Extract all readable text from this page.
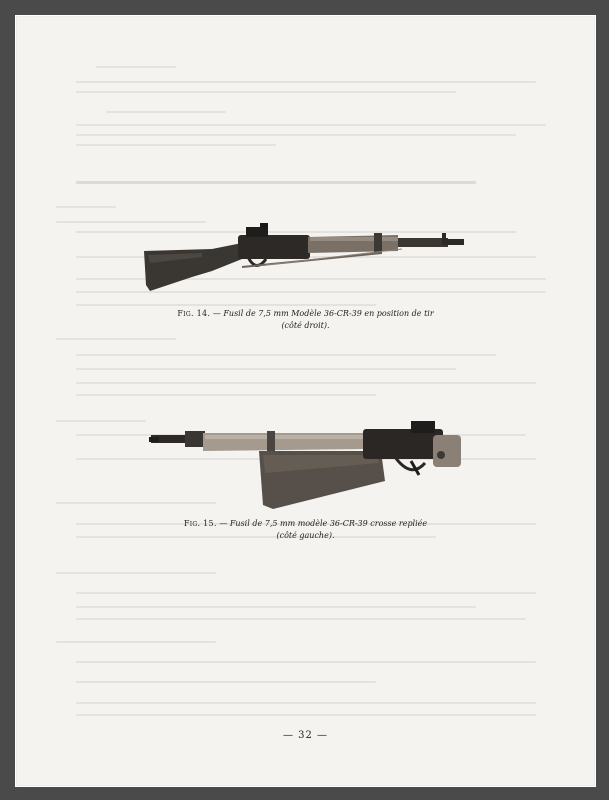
Fig. 14. — Fusil de 7,5 mm Modèle 36-CR-39 en position de tir
(côté droit).
Fig. 15. — Fusil de 7,5 mm modèle 36-CR-39 crosse repliée
(côté gauche).
— 32 —
